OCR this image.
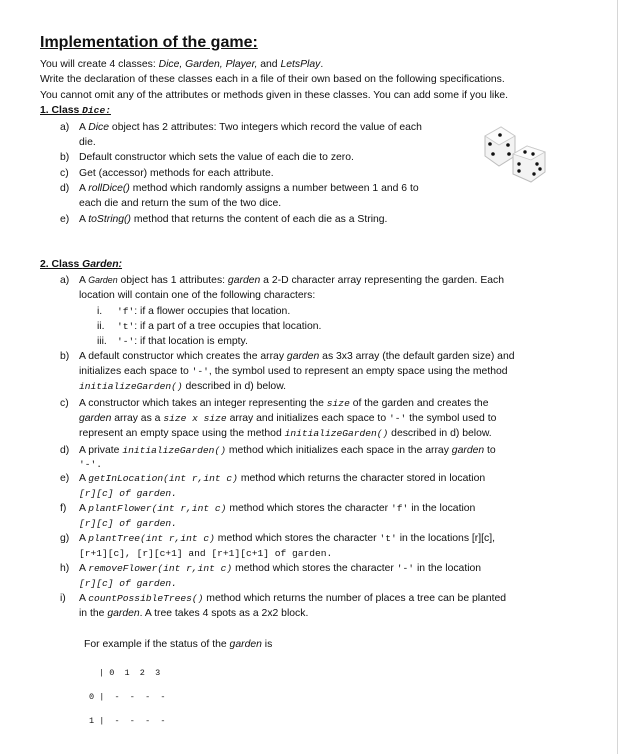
Implementation of the game:
You will create 4 classes: Dice, Garden, Player, and LetsPlay.
Write the declaration of these classes each in a file of their own based on the following specifications.
You cannot omit any of the attributes or methods given in these classes. You can add some if you like.
1. Class Dice:
a) A Dice object has 2 attributes: Two integers which record the value of each
die.
b) Default constructor which sets the value of each die to zero.
c) Get (accessor) methods for each attribute.
d) A rollDice() method which randomly assigns a number between 1 and 6 to
each die and return the sum of the two dice.
e) A toString() method that returns the content of each die as a String.
2. Class Garden:
a) A Garden object has 1 attributes: garden a 2-D character array representing the garden. Each
location will contain one of the following characters:
i. 'f': if a flower occupies that location.
ii. 't': if a part of a tree occupies that location.
iii. '-': if that location is empty.
b) A default constructor which creates the array garden as 3x3 array (the default garden size) and
initializes each space to '-', the symbol used to represent an empty space using the method
initializeGarden() described in d) below.
c) A constructor which takes an integer representing the size of the garden and creates the
garden array as a size x size array and initializes each space to '-' the symbol used to
represent an empty space using the method initializeGarden() described in d) below.
d) A private initializeGarden() method which initializes each space in the array garden to
'-'.
e) A getInLocation(int r,int c) method which returns the character stored in location
[r][c] of garden.
f) A plantFlower(int r,int c) method which stores the character 'f' in the location
[r][c] of garden.
g) A plantTree(int r,int c) method which stores the character 't' in the locations [r][c],
[r+1][c], [r][c+1] and [r+1][c+1] of garden.
h) A removeFlower(int r,int c) method which stores the character '-' in the location
[r][c] of garden.
i) A countPossibleTrees() method which returns the number of places a tree can be planted
in the garden. A tree takes 4 spots as a 2x2 block.
For example if the status of the garden is
| 0  1  2  3
0 |  -  -  -  -
1 |  -  -  -  -
